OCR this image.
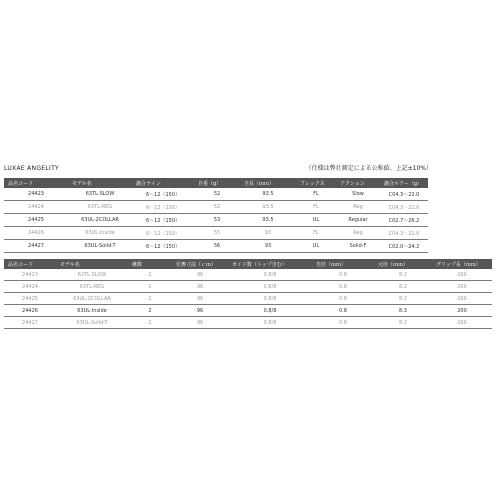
LUXAE ANGELITY	（仕様は弊社測定による公称値、上記±10%）
品名コード	モデル名	適合ライン	自重（g）	全長（ｍｍ）	フレックス	アクション	適合ルアー（g）
24423	63TL-SLOW	6〜12（150）	52	93.5	FL	Slow	C04.3〜22.0
24424	63TL-REG	6〜12（150）	52	93.5	FL	Reg	C04.3〜22.0
24425	63UL-2COLLAR	6〜12（150）	53	93.5	UL	Regular	C02.7〜26.2
24426	63UL-Inside	6〜12（150）	55	93	FL	Reg	C04.3〜22.0
24427	63UL-Solid-T	6〜12（150）	56	93	UL	Solid-F	C02.0〜24.2
品名コード	モデル名	継数	仕舞寸法（ｃｍ）	ガイド数（トップ含む）	先径（ｍｍ）	元径（ｍｍ）	グリップ長（ｍｍ）
24423	63TL-SLOW	2	96	0.8/8	0.8	8.2	200
24424	63TL-REG	2	96	0.8/8	0.8	8.2	200
24425	63UL-2COLLAR	2	96	0.8/8	0.8	8.2	200
24426	63UL-Inside	2	96	0.8/8	0.8	8.3	200
24427	63UL-Solid-T	2	96	0.8/8	0.8	8.2	200
